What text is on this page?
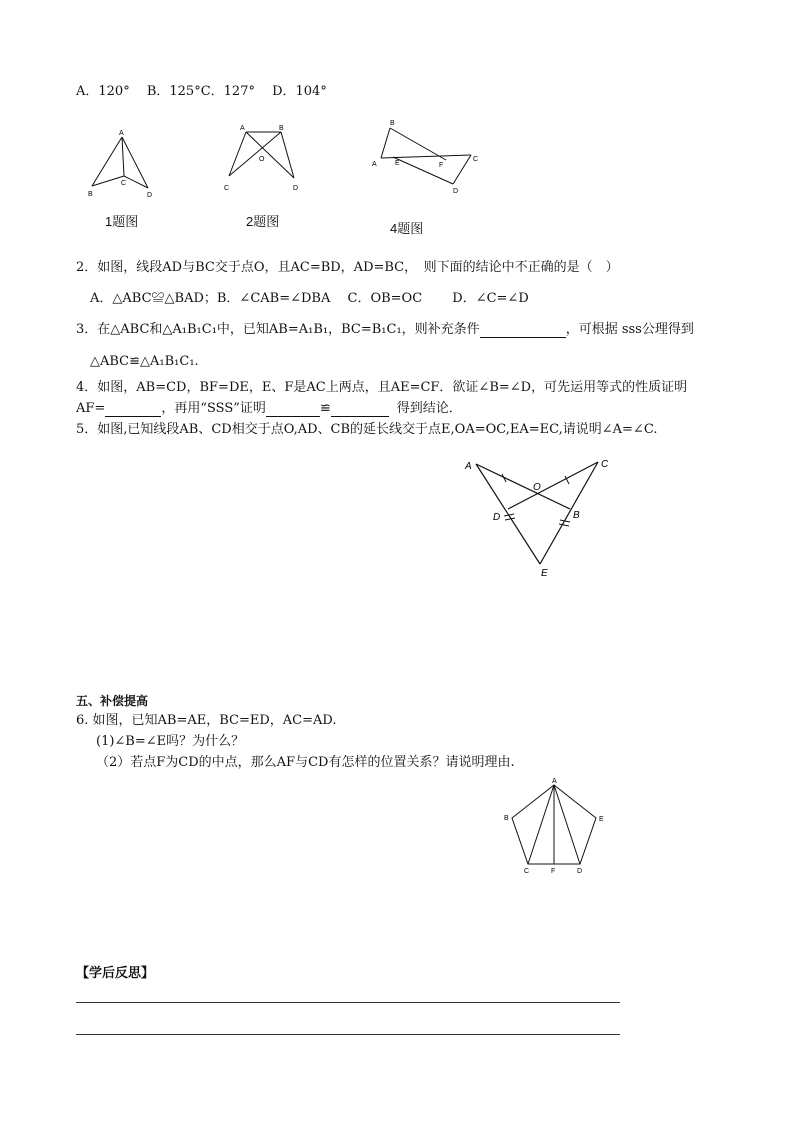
A．120°　 B．125°C．127°　 D．104°
A
B
C
D
1题图
A	B
O
C	D
2题图
B
A	E	F
C
D
4题图
2．如图，线段AD与BC交于点O，且AC=BD，AD=BC，　则下面的结论中不正确的是（　）
A．△ABC≌△BAD；B．∠CAB=∠DBA　 C．OB=OC　　 D．∠C=∠D
3．在△ABC和△A₁B₁C₁中，已知AB=A₁B₁，BC=B₁C₁，则补充条件	，可根据 sss公理得到
△ABC≌△A₁B₁C₁.
4．如图，AB=CD，BF=DE，E、F是AC上两点，且AE=CF．欲证∠B=∠D，可先运用等式的性质证明
AF=	，再用“SSS”证明	≌	得到结论．
5．如图,已知线段AB、CD相交于点O,AD、CB的延长线交于点E,OA=OC,EA=EC,请说明∠A=∠C.
A	C
O
D	B
E
五、补偿提高
6. 如图，已知AB=AE，BC=ED，AC=AD.
(1)∠B=∠E吗？为什么？
（2）若点F为CD的中点，那么AF与CD有怎样的位置关系？请说明理由.
A
B	E
C	F	D
【学后反思】
